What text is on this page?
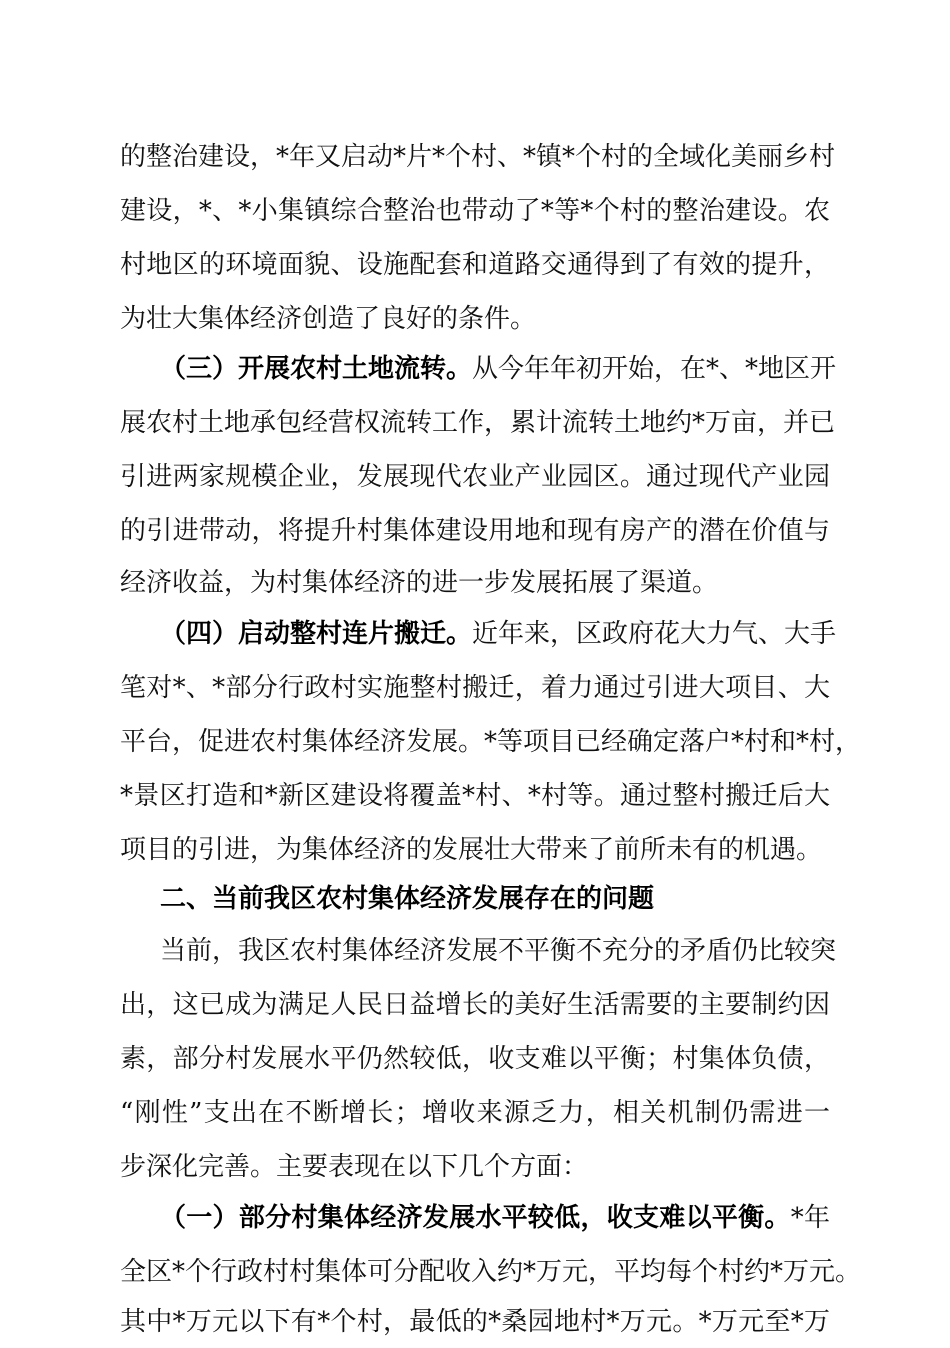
的整治建设，*年又启动*片*个村、*镇*个村的全域化美丽乡村
建设，*、*小集镇综合整治也带动了*等*个村的整治建设。农
村地区的环境面貌、设施配套和道路交通得到了有效的提升，
为壮大集体经济创造了良好的条件。
（三）开展农村土地流转。从今年年初开始，在*、*地区开
展农村土地承包经营权流转工作，累计流转土地约*万亩，并已
引进两家规模企业，发展现代农业产业园区。通过现代产业园
的引进带动，将提升村集体建设用地和现有房产的潜在价值与
经济收益，为村集体经济的进一步发展拓展了渠道。
（四）启动整村连片搬迁。近年来，区政府花大力气、大手
笔对*、*部分行政村实施整村搬迁，着力通过引进大项目、大
平台，促进农村集体经济发展。*等项目已经确定落户*村和*村，
*景区打造和*新区建设将覆盖*村、*村等。通过整村搬迁后大
项目的引进，为集体经济的发展壮大带来了前所未有的机遇。
二、当前我区农村集体经济发展存在的问题
当前，我区农村集体经济发展不平衡不充分的矛盾仍比较突
出，这已成为满足人民日益增长的美好生活需要的主要制约因
素，部分村发展水平仍然较低，收支难以平衡；村集体负债，
“刚性”支出在不断增长；增收来源乏力，相关机制仍需进一
步深化完善。主要表现在以下几个方面：
（一）部分村集体经济发展水平较低，收支难以平衡。*年
全区*个行政村村集体可分配收入约*万元，平均每个村约*万元。
其中*万元以下有*个村，最低的*桑园地村*万元。*万元至*万
